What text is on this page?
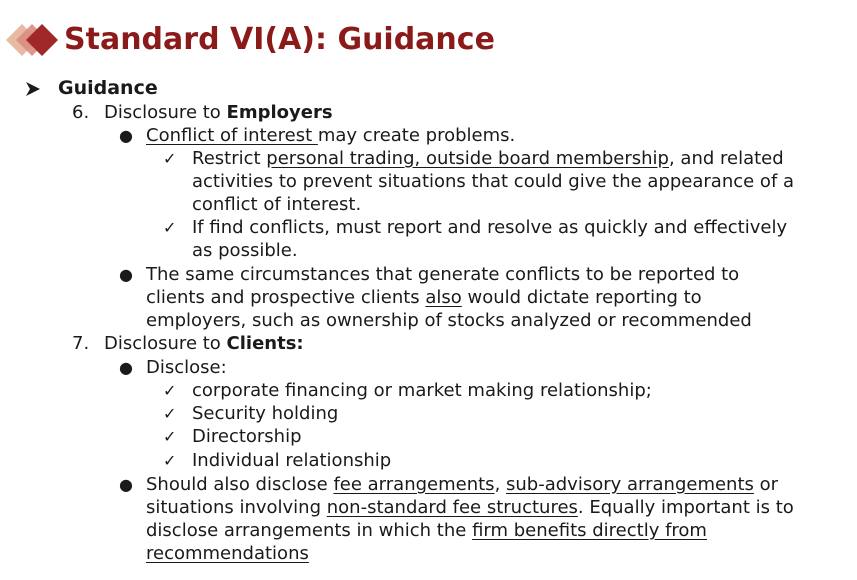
Standard VI(A): Guidance
Guidance
6. Disclosure to Employers
● Conflict of interest may create problems.
✓ Restrict personal trading, outside board membership, and related
activities to prevent situations that could give the appearance of a
conflict of interest.
✓ If find conflicts, must report and resolve as quickly and effectively
as possible.
● The same circumstances that generate conflicts to be reported to
clients and prospective clients also would dictate reporting to
employers, such as ownership of stocks analyzed or recommended
7. Disclosure to Clients:
● Disclose:
✓ corporate financing or market making relationship;
✓ Security holding
✓ Directorship
✓ Individual relationship
● Should also disclose fee arrangements, sub-advisory arrangements or
situations involving non-standard fee structures. Equally important is to
disclose arrangements in which the firm benefits directly from
recommendations
